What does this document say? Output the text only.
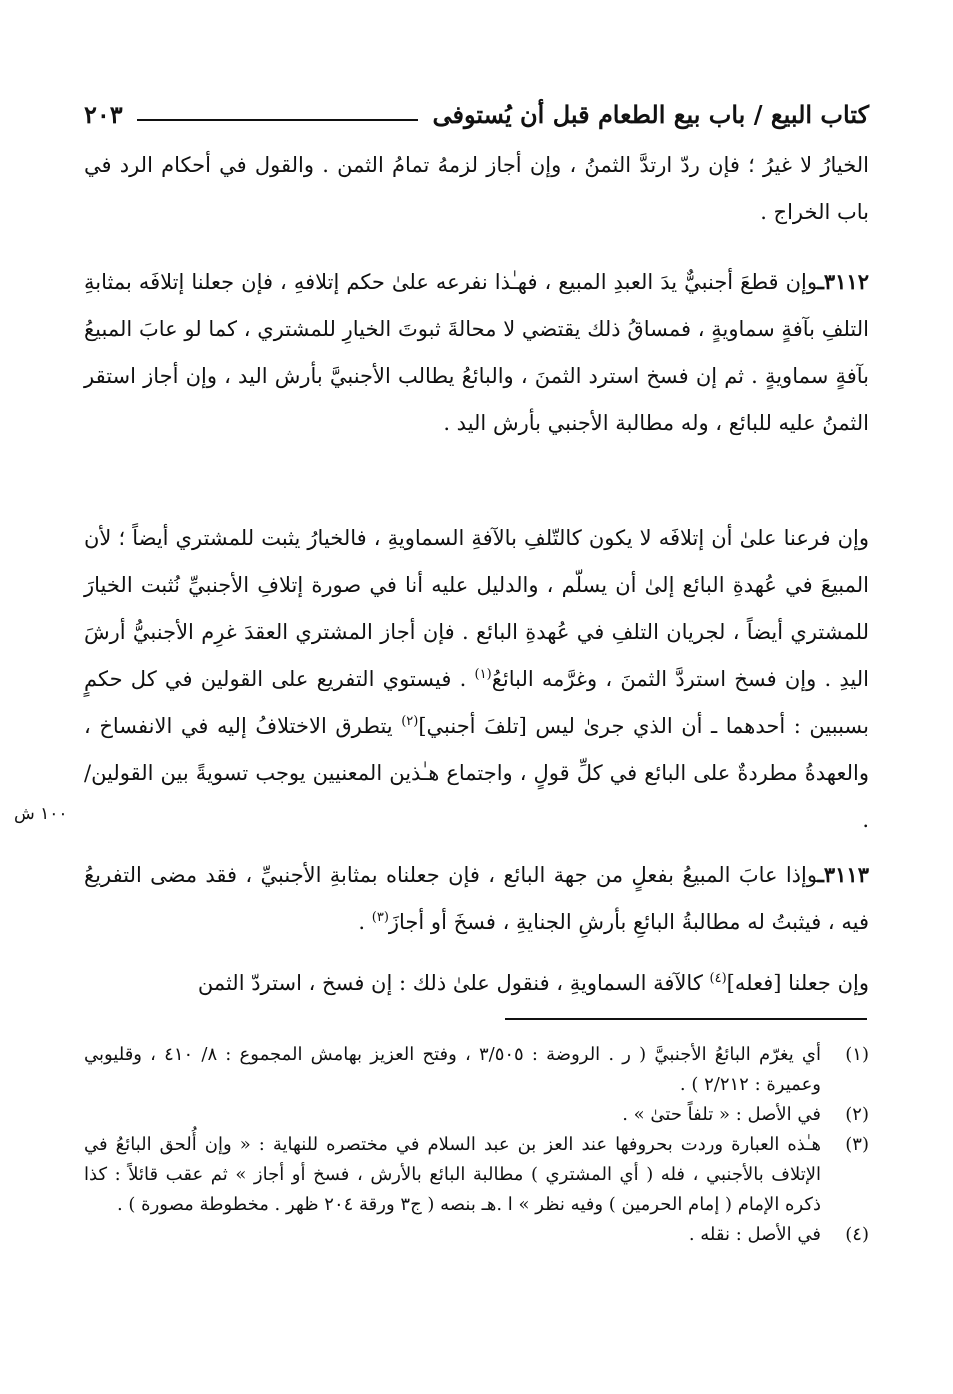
كتاب البيع / باب بيع الطعام قبل أن يُستوفى
٢٠٣

الخيارُ لا غيرُ ؛ فإن ردّ ارتدَّ الثمنُ ، وإن أجاز لزمهُ تمامُ الثمن . والقول في أحكام الرد في باب الخراج .

٣١١٢ـوإن قطعَ أجنبيٌّ يدَ العبدِ المبيع ، فهـٰذا نفرعه علىٰ حكم إتلافهِ ، فإن جعلنا إتلافَه بمثابةِ التلفِ بآفةٍ سماويةٍ ، فمساقُ ذلك يقتضي لا محالةَ ثبوتَ الخيارِ للمشتري ، كما لو عابَ المبيعُ بآفةٍ سماويةٍ . ثم إن فسخ استرد الثمنَ ، والبائعُ يطالب الأجنبيَّ بأرش اليد ، وإن أجاز استقر الثمنُ عليه للبائع ، وله مطالبة الأجنبي بأرش اليد .

وإن فرعنا علىٰ أن إتلافَه لا يكون كالتّلفِ بالآفةِ السماويةِ ، فالخيارُ يثبت للمشتري أيضاً ؛ لأن المبيعَ في عُهدةِ البائع إلىٰ أن يسلّم ، والدليل عليه أنا في صورة إتلافِ الأجنبيِّ نُثبت الخيارَ للمشتري أيضاً ، لجريان التلفِ في عُهدةِ البائع . فإن أجاز المشتري العقدَ غرِم الأجنبيُّ أرشَ اليدِ . وإن فسخ استردَّ الثمنَ ، وغرَّمه البائعُ$^{(١)}$ . فيستوي التفريع على القولين في كل حكمٍ بسببين : أحدهما ـ أن الذي جرىٰ ليس [تلفَ أجنبي]$^{(٢)}$ يتطرق الاختلافُ إليه في الانفساخ ، والعهدةُ مطردةٌ على البائع في كلِّ قولٍ ، واجتماع هـٰذين المعنيين يوجب تسويةً بين القولين/ .

١٠٠ ش

٣١١٣ـوإذا عابَ المبيعُ بفعلٍ من جهة البائع ، فإن جعلناه بمثابةِ الأجنبيِّ ، فقد مضى التفريعُ فيه ، فيثبتُ له مطالبةُ البائعِ بأرشِ الجنايةِ ، فسخَ أو أجازَ$^{(٣)}$ .

وإن جعلنا [فعله]$^{(٤)}$ كالآفة السماويةِ ، فنقول علىٰ ذلك : إن فسخ ، استردّ الثمن

(١)
أي يغرّم البائعُ الأجنبيَّ ( ر . الروضة : ٣/٥٠٥ ، وفتح العزيز بهامش المجموع : ٨/ ٤١٠ ، وقليوبي وعميرة : ٢/٢١٢ ) .
(٢)
في الأصل : « تلفاً حتىٰ » .
(٣)
هـٰذه العبارة وردت بحروفها عند العز بن عبد السلام في مختصره للنهاية : « وإن أُلحق البائعُ في الإتلاف بالأجنبي ، فله ( أي المشتري ) مطالبة البائع بالأرش ، فسخ أو أجاز » ثم عقب قائلاً : كذا ذكره الإمام ( إمام الحرمين ) وفيه نظر » ا .هـ بنصه ( ج٣ ورقة ٢٠٤ ظهر . مخطوطة مصورة ) .
(٤)
في الأصل : نقله .
